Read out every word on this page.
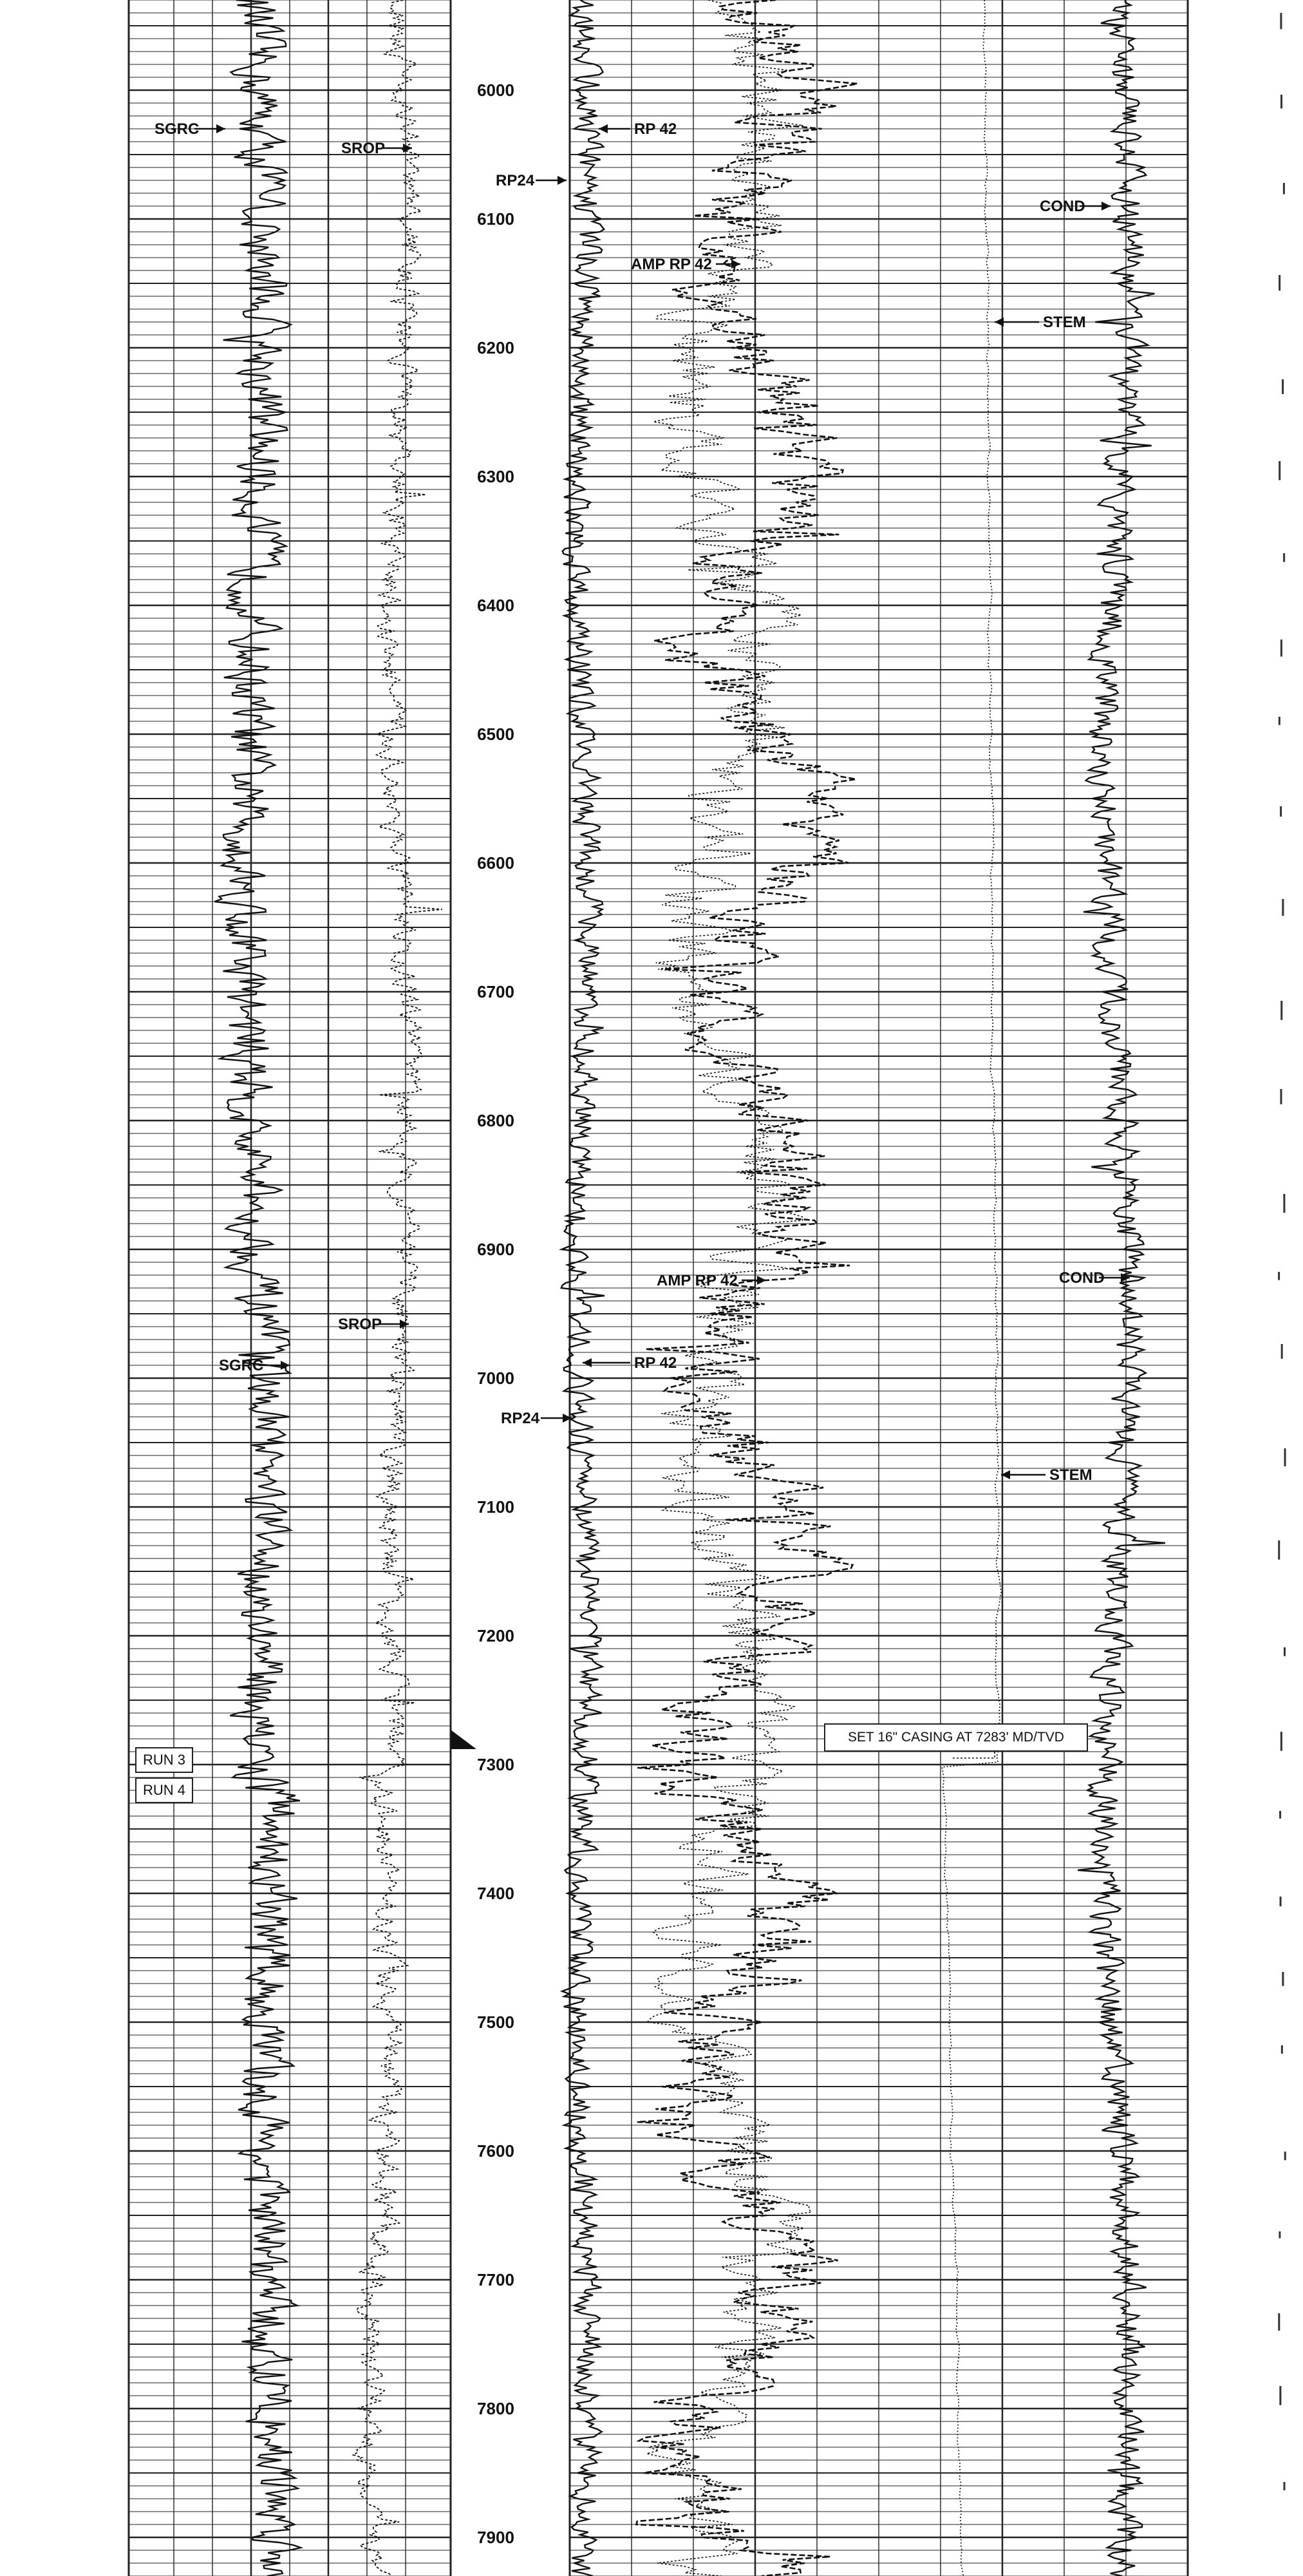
6000
6100
6200
6300
6400
6500
6600
6700
6800
6900
7000
7100
7200
7300
7400
7500
7600
7700
7800
7900
SGRC
SROP
RP 42
RP24
COND
AMP RP 42
STEM
AMP RP 42	COND
SROP
SGRC	RP 42
RP24
STEM
RUN 3
RUN 4
SET 16" CASING AT 7283' MD/TVD
